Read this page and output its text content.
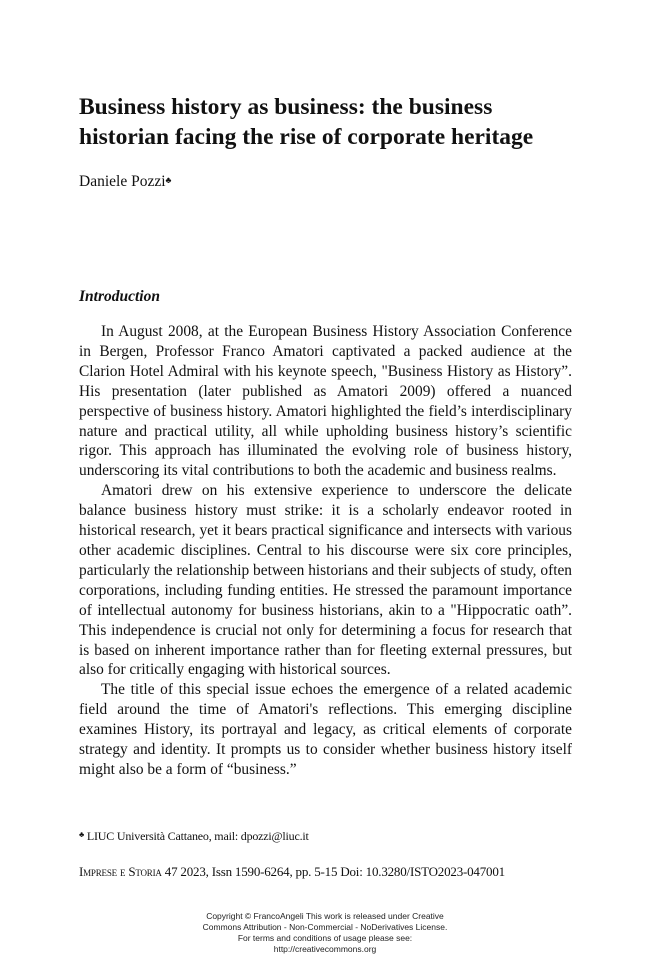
Business history as business: the business historian facing the rise of corporate heritage
Daniele Pozzi♣
Introduction

In August 2008, at the European Business History Association Conference in Bergen, Professor Franco Amatori captivated a packed audience at the Clarion Hotel Admiral with his keynote speech, "Business History as History”. His presentation (later published as Amatori 2009) offered a nuanced perspective of business history. Amatori highlighted the field’s interdisciplinary nature and practical utility, all while upholding business history’s scientific rigor. This approach has illuminated the evolving role of business history, underscoring its vital contributions to both the academic and business realms.

Amatori drew on his extensive experience to underscore the delicate balance business history must strike: it is a scholarly endeavor rooted in historical research, yet it bears practical significance and intersects with various other academic disciplines. Central to his discourse were six core principles, particularly the relationship between historians and their subjects of study, often corporations, including funding entities. He stressed the paramount importance of intellectual autonomy for business historians, akin to a "Hippocratic oath”. This independence is crucial not only for determining a focus for research that is based on inherent importance rather than for fleeting external pressures, but also for critically engaging with historical sources.

The title of this special issue echoes the emergence of a related academic field around the time of Amatori's reflections. This emerging discipline examines History, its portrayal and legacy, as critical elements of corporate strategy and identity. It prompts us to consider whether business history itself might also be a form of “business.”

♣ LIUC Università Cattaneo, mail: dpozzi@liuc.it
Imprese e Storia 47 2023, Issn 1590-6264, pp. 5-15 Doi: 10.3280/ISTO2023-047001
Copyright © FrancoAngeli This work is released under Creative
Commons Attribution - Non-Commercial - NoDerivatives License.
For terms and conditions of usage please see:
http://creativecommons.org
